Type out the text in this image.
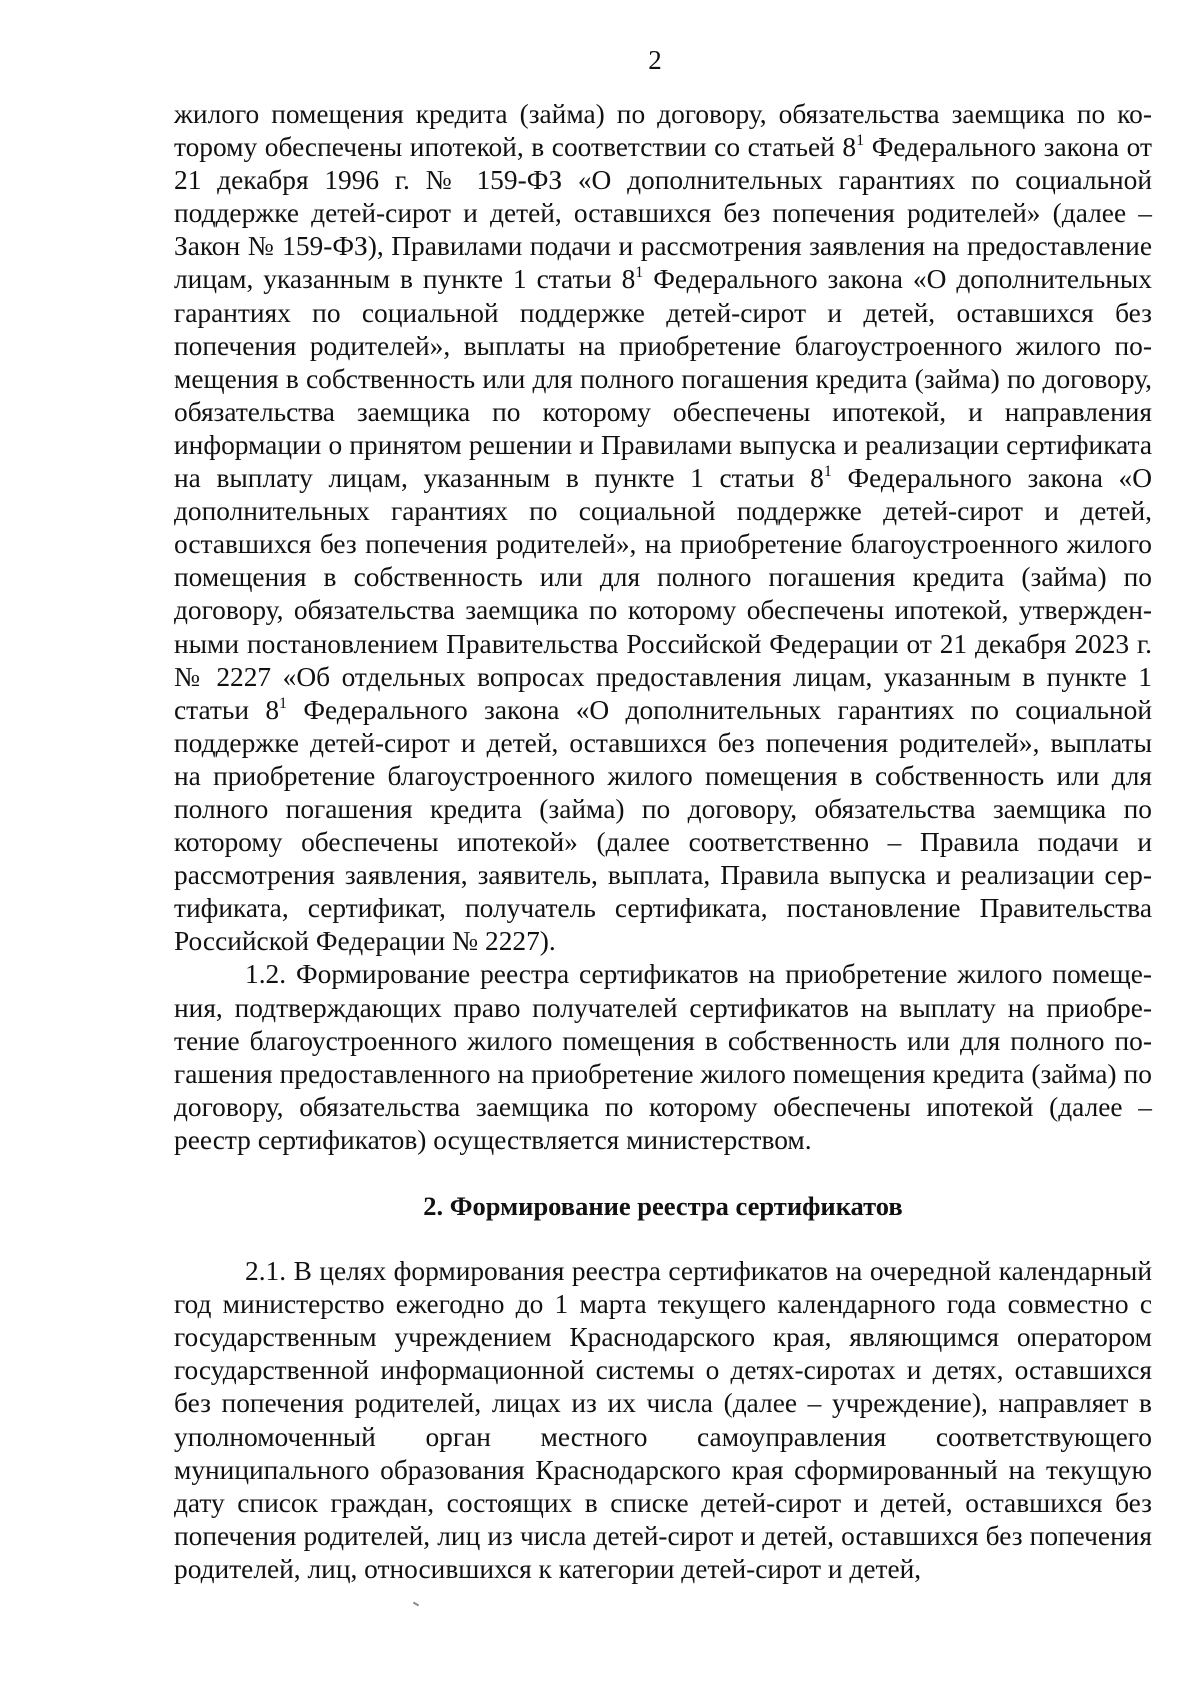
2

жилого помещения кредита (займа) по договору, обязательства заемщика по которому обеспечены ипотекой, в соответствии со статьей $8^1$ Федерального закона от 21 декабря 1996 г. № 159-ФЗ «О дополнительных гарантиях по социальной поддержке детей-сирот и детей, оставшихся без попечения родителей» (далее – Закон № 159-ФЗ), Правилами подачи и рассмотрения заявления на предоставление лицам, указанным в пункте 1 статьи $8^1$ Федерального закона «О дополнительных гарантиях по социальной поддержке детей-сирот и детей, оставшихся без попечения родителей», выплаты на приобретение благоустроенного жилого помещения в собственность или для полного погашения кредита (займа) по договору, обязательства заемщика по которому обеспечены ипотекой, и направления информации о принятом решении и Правилами выпуска и реализации сертификата на выплату лицам, указанным в пункте 1 статьи $8^1$ Федерального закона «О дополнительных гарантиях по социальной поддержке детей-сирот и детей, оставшихся без попечения родителей», на приобретение благоустроенного жилого помещения в собственность или для полного погашения кредита (займа) по договору, обязательства заемщика по которому обеспечены ипотекой, утвержденными постановлением Правительства Российской Федерации от 21 декабря 2023 г. № 2227 «Об отдельных вопросах предоставления лицам, указанным в пункте 1 статьи $8^1$ Федерального закона «О дополнительных гарантиях по социальной поддержке детей-сирот и детей, оставшихся без попечения родителей», выплаты на приобретение благоустроенного жилого помещения в собственность или для полного погашения кредита (займа) по договору, обязательства заемщика по которому обеспечены ипотекой» (далее соответственно – Правила подачи и рассмотрения заявления, заявитель, выплата, Правила выпуска и реализации сертификата, сертификат, получатель сертификата, постановление Правительства Российской Федерации № 2227).

1.2. Формирование реестра сертификатов на приобретение жилого помещения, подтверждающих право получателей сертификатов на выплату на приобретение благоустроенного жилого помещения в собственность или для полного погашения предоставленного на приобретение жилого помещения кредита (займа) по договору, обязательства заемщика по которому обеспечены ипотекой (далее – реестр сертификатов) осуществляется министерством.

2. Формирование реестра сертификатов

2.1. В целях формирования реестра сертификатов на очередной календарный год министерство ежегодно до 1 марта текущего календарного года совместно с государственным учреждением Краснодарского края, являющимся оператором государственной информационной системы о детях-сиротах и детях, оставшихся без попечения родителей, лицах из их числа (далее – учреждение), направляет в уполномоченный орган местного самоуправления соответствующего муниципального образования Краснодарского края сформированный на текущую дату список граждан, состоящих в списке детей-сирот и детей, оставшихся без попечения родителей, лиц из числа детей-сирот и детей, оставшихся без попечения родителей, лиц, относившихся к категории детей-сирот и детей,
